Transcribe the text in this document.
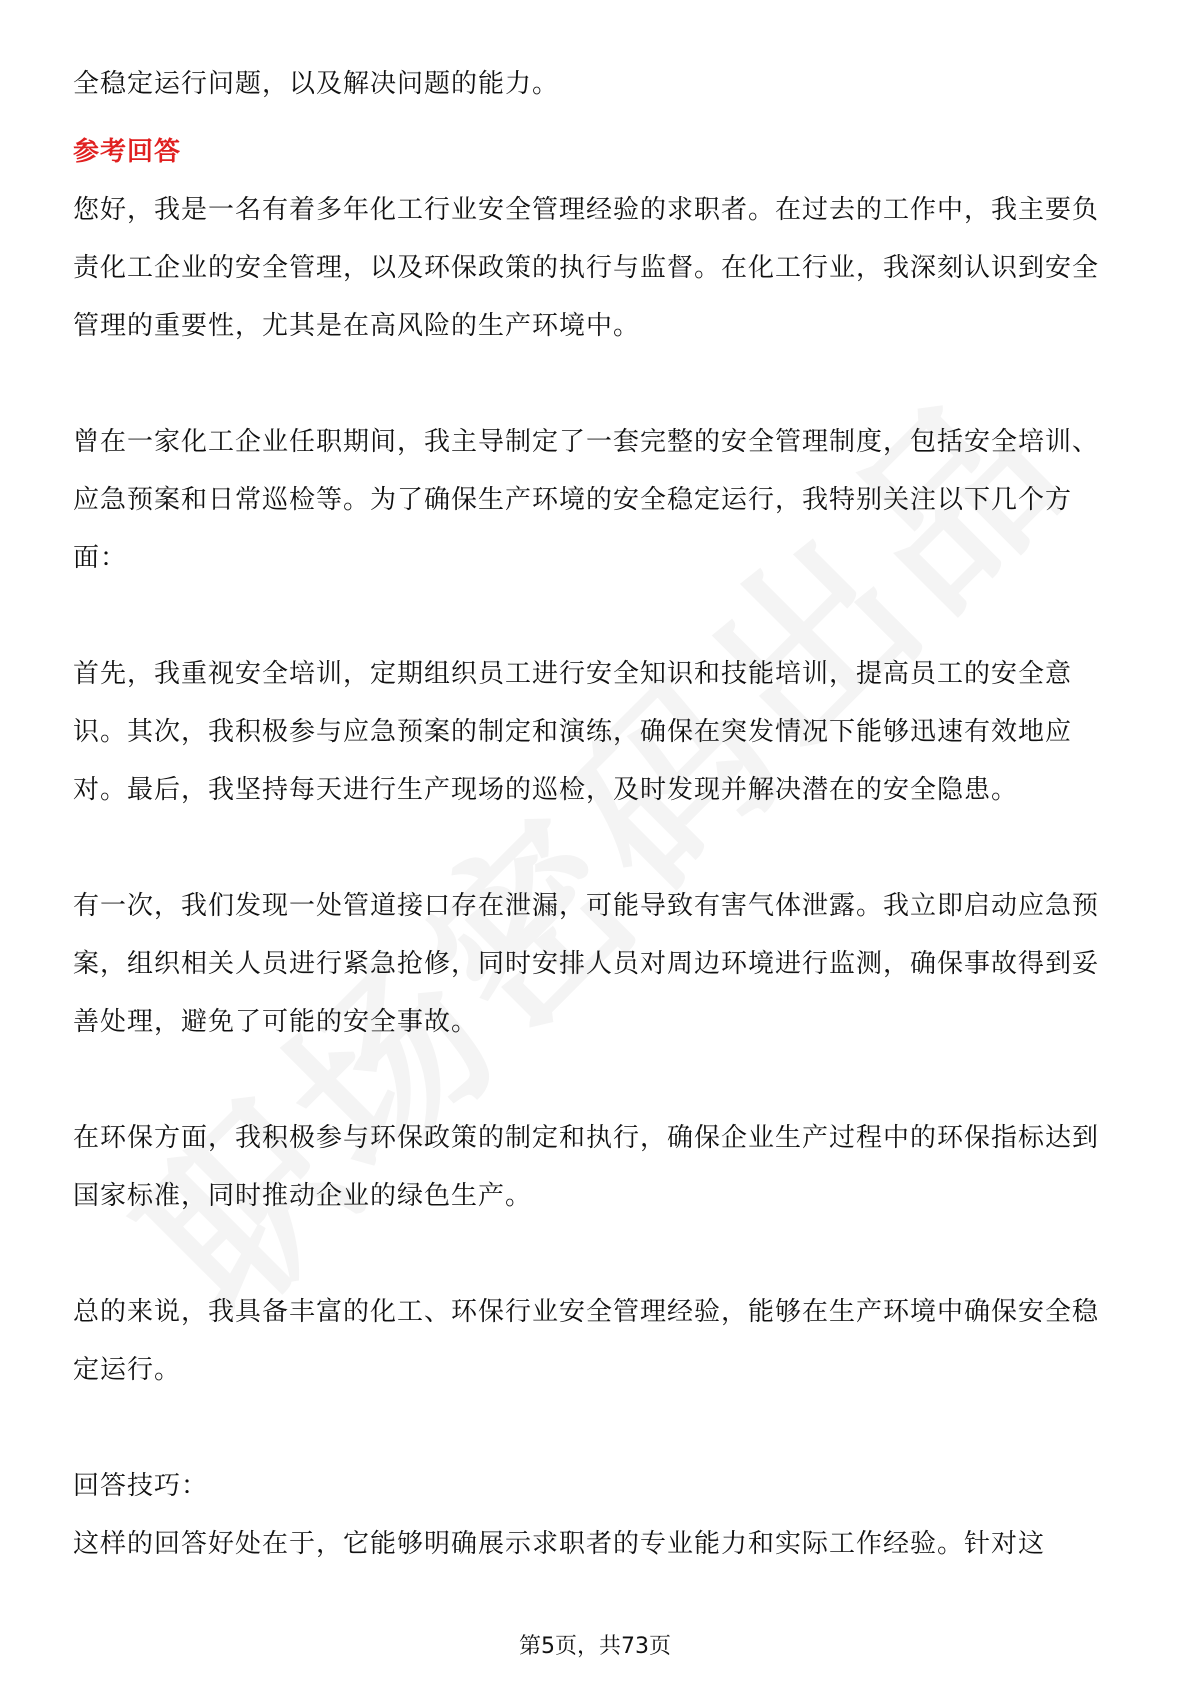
全稳定运行问题，以及解决问题的能力。

参考回答

您好，我是一名有着多年化工行业安全管理经验的求职者。在过去的工作中，我主要负责化工企业的安全管理，以及环保政策的执行与监督。在化工行业，我深刻认识到安全管理的重要性，尤其是在高风险的生产环境中。

曾在一家化工企业任职期间，我主导制定了一套完整的安全管理制度，包括安全培训、应急预案和日常巡检等。为了确保生产环境的安全稳定运行，我特别关注以下几个方面：

首先，我重视安全培训，定期组织员工进行安全知识和技能培训，提高员工的安全意识。其次，我积极参与应急预案的制定和演练，确保在突发情况下能够迅速有效地应对。最后，我坚持每天进行生产现场的巡检，及时发现并解决潜在的安全隐患。

有一次，我们发现一处管道接口存在泄漏，可能导致有害气体泄露。我立即启动应急预案，组织相关人员进行紧急抢修，同时安排人员对周边环境进行监测，确保事故得到妥善处理，避免了可能的安全事故。

在环保方面，我积极参与环保政策的制定和执行，确保企业生产过程中的环保指标达到国家标准，同时推动企业的绿色生产。

总的来说，我具备丰富的化工、环保行业安全管理经验，能够在生产环境中确保安全稳定运行。

回答技巧：

这样的回答好处在于，它能够明确展示求职者的专业能力和实际工作经验。针对这

第5页，共73页
